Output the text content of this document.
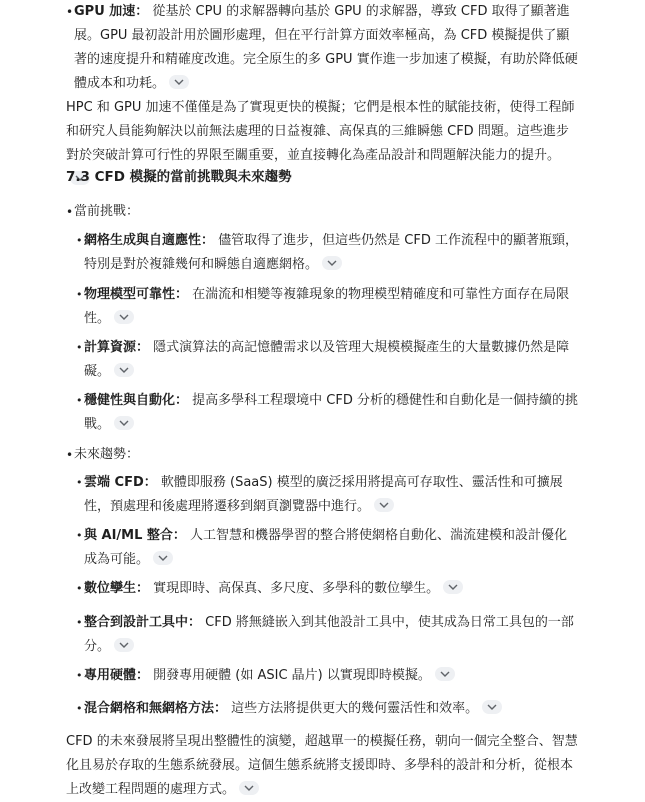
• GPU 加速： 從基於 CPU 的求解器轉向基於 GPU 的求解器，導致 CFD 取得了顯著進展。GPU 最初設計用於圖形處理，但在平行計算方面效率極高，為 CFD 模擬提供了顯著的速度提升和精確度改進。完全原生的多 GPU 實作進一步加速了模擬，有助於降低硬體成本和功耗。

HPC 和 GPU 加速不僅僅是為了實現更快的模擬；它們是根本性的賦能技術，使得工程師和研究人員能夠解決以前無法處理的日益複雜、高保真的三維瞬態 CFD 問題。這些進步對於突破計算可行性的界限至關重要，並直接轉化為產品設計和問題解決能力的提升。

7.3 CFD 模擬的當前挑戰與未來趨勢
• 當前挑戰：
• 網格生成與自適應性： 儘管取得了進步，但這些仍然是 CFD 工作流程中的顯著瓶頸，特別是對於複雜幾何和瞬態自適應網格。
• 物理模型可靠性： 在湍流和相變等複雜現象的物理模型精確度和可靠性方面存在局限性。
• 計算資源： 隱式演算法的高記憶體需求以及管理大規模模擬產生的大量數據仍然是障礙。
• 穩健性與自動化： 提高多學科工程環境中 CFD 分析的穩健性和自動化是一個持續的挑戰。
• 未來趨勢：
• 雲端 CFD： 軟體即服務 (SaaS) 模型的廣泛採用將提高可存取性、靈活性和可擴展性，預處理和後處理將遷移到網頁瀏覽器中進行。
• 與 AI/ML 整合： 人工智慧和機器學習的整合將使網格自動化、湍流建模和設計優化成為可能。
• 數位孿生： 實現即時、高保真、多尺度、多學科的數位孿生。
• 整合到設計工具中： CFD 將無縫嵌入到其他設計工具中，使其成為日常工具包的一部分。
• 專用硬體： 開發專用硬體 (如 ASIC 晶片) 以實現即時模擬。
• 混合網格和無網格方法： 這些方法將提供更大的幾何靈活性和效率。

CFD 的未來發展將呈現出整體性的演變，超越單一的模擬任務，朝向一個完全整合、智慧化且易於存取的生態系統發展。這個生態系統將支援即時、多學科的設計和分析，從根本上改變工程問題的處理方式。
